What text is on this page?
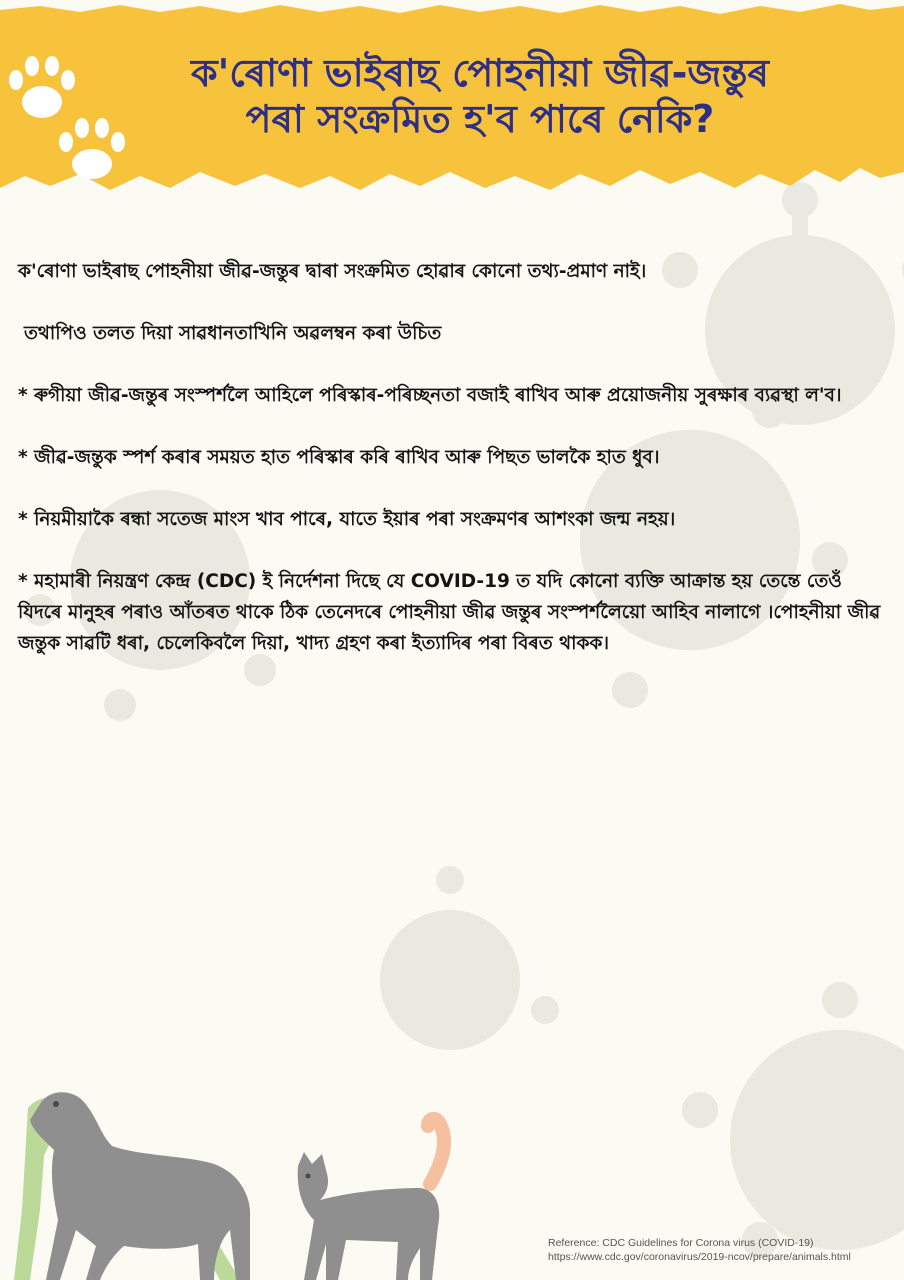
ক'ৰোণা ভাইৰাছ পোহনীয়া জীৱ-জন্তুৰ
পৰা সংক্ৰমিত হ'ব পাৰে নেকি?

ক'ৰোণা ভাইৰাছ পোহনীয়া জীৱ-জন্তুৰ দ্বাৰা সংক্ৰমিত হোৱাৰ কোনো তথ্য-প্ৰমাণ নাই।

তথাপিও তলত দিয়া সাৱধানতাখিনি অৱলম্বন কৰা উচিত

* ৰুগীয়া জীৱ-জন্তুৰ সংস্পৰ্শলৈ আহিলে পৰিস্কাৰ-পৰিচ্ছনতা বজাই ৰাখিব আৰু প্ৰয়োজনীয় সুৰক্ষাৰ ব্যৱস্থা ল'ব।

* জীৱ-জন্তুক স্পৰ্শ কৰাৰ সময়ত হাত পৰিস্কাৰ কৰি ৰাখিব আৰু পিছত ভালকৈ হাত ধুব।

* নিয়মীয়াকৈ ৰন্ধা সতেজ মাংস খাব পাৰে, যাতে ইয়াৰ পৰা সংক্ৰমণৰ আশংকা জন্ম নহয়।

* মহামাৰী নিয়ন্ত্ৰণ কেন্দ্ৰ (CDC) ই নিৰ্দেশনা দিছে যে COVID-19 ত যদি কোনো ব্যক্তি আক্ৰান্ত হয় তেন্তে তেওঁ যিদৰে মানুহৰ পৰাও আঁতৰত থাকে ঠিক তেনেদৰে পোহনীয়া জীৱ জন্তুৰ সংস্পৰ্শলৈয়ো আহিব নালাগে ।পোহনীয়া জীৱ জন্তুক সাৱটি ধৰা, চেলেকিবলৈ দিয়া, খাদ্য গ্ৰহণ কৰা ইত্যাদিৰ পৰা বিৰত থাকক।

Reference: CDC Guidelines for Corona virus (COVID-19)
https://www.cdc.gov/coronavirus/2019-ncov/prepare/animals.html
